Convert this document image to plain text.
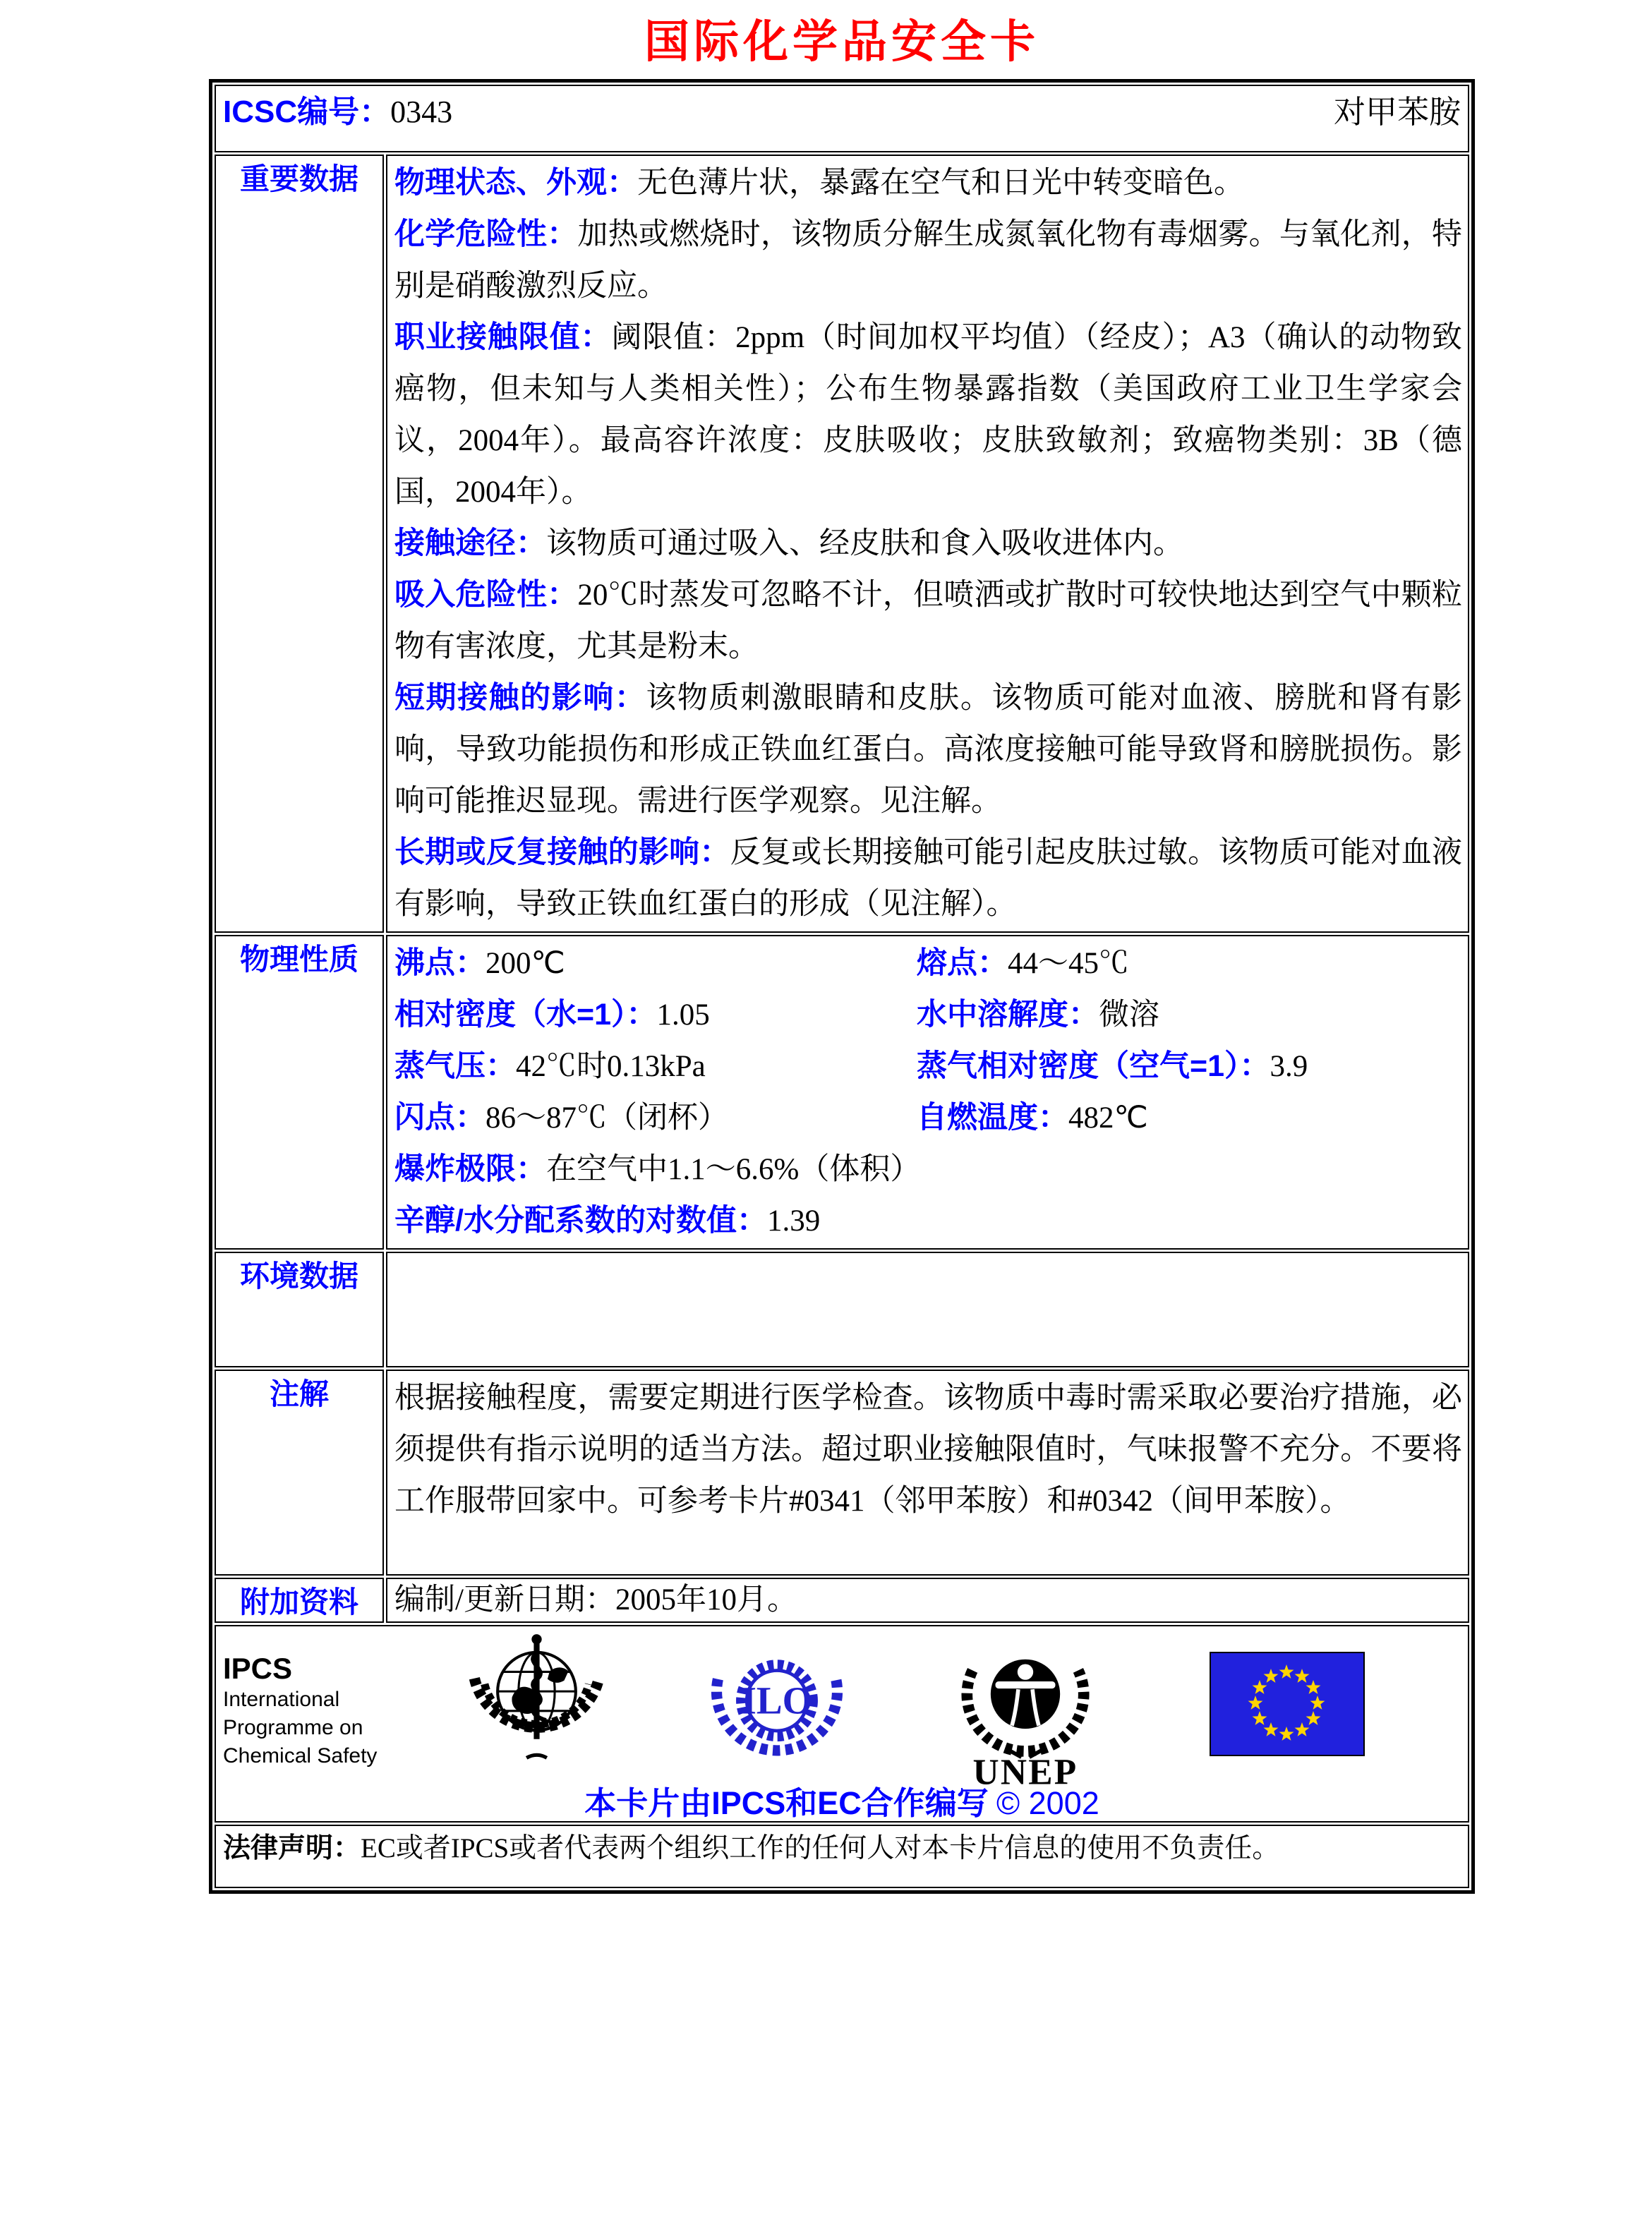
国际化学品安全卡
ICSC编号：0343 对甲苯胺	

重要数据	物理状态、外观：无色薄片状，暴露在空气和日光中转变暗色。

化学危险性：加热或燃烧时，该物质分解生成氮氧化物有毒烟雾。与氧化剂，特别是硝酸激烈反应。

职业接触限值：阈限值：2ppm（时间加权平均值）（经皮）；A3（确认的动物致癌物，但未知与人类相关性）；公布生物暴露指数（美国政府工业卫生学家会议，2004年）。最高容许浓度：皮肤吸收；皮肤致敏剂；致癌物类别：3B（德国，2004年）。

接触途径：该物质可通过吸入、经皮肤和食入吸收进体内。

吸入危险性：20℃时蒸发可忽略不计，但喷洒或扩散时可较快地达到空气中颗粒物有害浓度，尤其是粉末。

短期接触的影响：该物质刺激眼睛和皮肤。该物质可能对血液、膀胱和肾有影响，导致功能损伤和形成正铁血红蛋白。高浓度接触可能导致肾和膀胱损伤。影响可能推迟显现。需进行医学观察。见注解。

长期或反复接触的影响：反复或长期接触可能引起皮肤过敏。该物质可能对血液有影响，导致正铁血红蛋白的形成（见注解）。

物理性质	沸点：200℃	熔点：44～45℃
相对密度（水=1）：1.05	水中溶解度：微溶
蒸气压：42℃时0.13kPa	蒸气相对密度（空气=1）：3.9
闪点：86～87℃（闭杯）	自燃温度：482℃
爆炸极限：在空气中1.1～6.6%（体积）
辛醇/水分配系数的对数值：1.39

环境数据	
注解	根据接触程度，需要定期进行医学检查。该物质中毒时需采取必要治疗措施，必须提供有指示说明的适当方法。超过职业接触限值时，气味报警不充分。不要将工作服带回家中。可参考卡片#0341（邻甲苯胺）和#0342（间甲苯胺）。
附加资料	编制/更新日期：2005年10月。

IPCS
International
Programme on
Chemical Safety
ILO
UNEP
本卡片由IPCS和EC合作编写 © 2002

法律声明：EC或者IPCS或者代表两个组织工作的任何人对本卡片信息的使用不负责任。	
